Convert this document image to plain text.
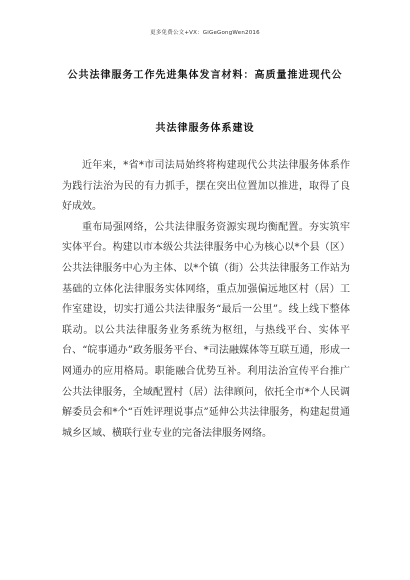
更多免费公文+VX：GiGeGongWen2016
公共法律服务工作先进集体发言材料：高质量推进现代公
共法律服务体系建设

近年来，*省*市司法局始终将构建现代公共法律服务体系作为践行法治为民的有力抓手，摆在突出位置加以推进，取得了良好成效。

重布局强网络，公共法律服务资源实现均衡配置。夯实筑牢实体平台。构建以市本级公共法律服务中心为核心以*个县（区）公共法律服务中心为主体、以*个镇（街）公共法律服务工作站为基础的立体化法律服务实体网络，重点加强偏远地区村（居）工作室建设，切实打通公共法律服务“最后一公里”。线上线下整体联动。以公共法律服务业务系统为枢纽，与热线平台、实体平台、“皖事通办”政务服务平台、*司法融媒体等互联互通，形成一网通办的应用格局。职能融合优势互补。利用法治宣传平台推广公共法律服务，全域配置村（居）法律顾问，依托全市*个人民调解委员会和*个“百姓评理说事点”延伸公共法律服务，构建起贯通城乡区域、横联行业专业的完备法律服务网络。
